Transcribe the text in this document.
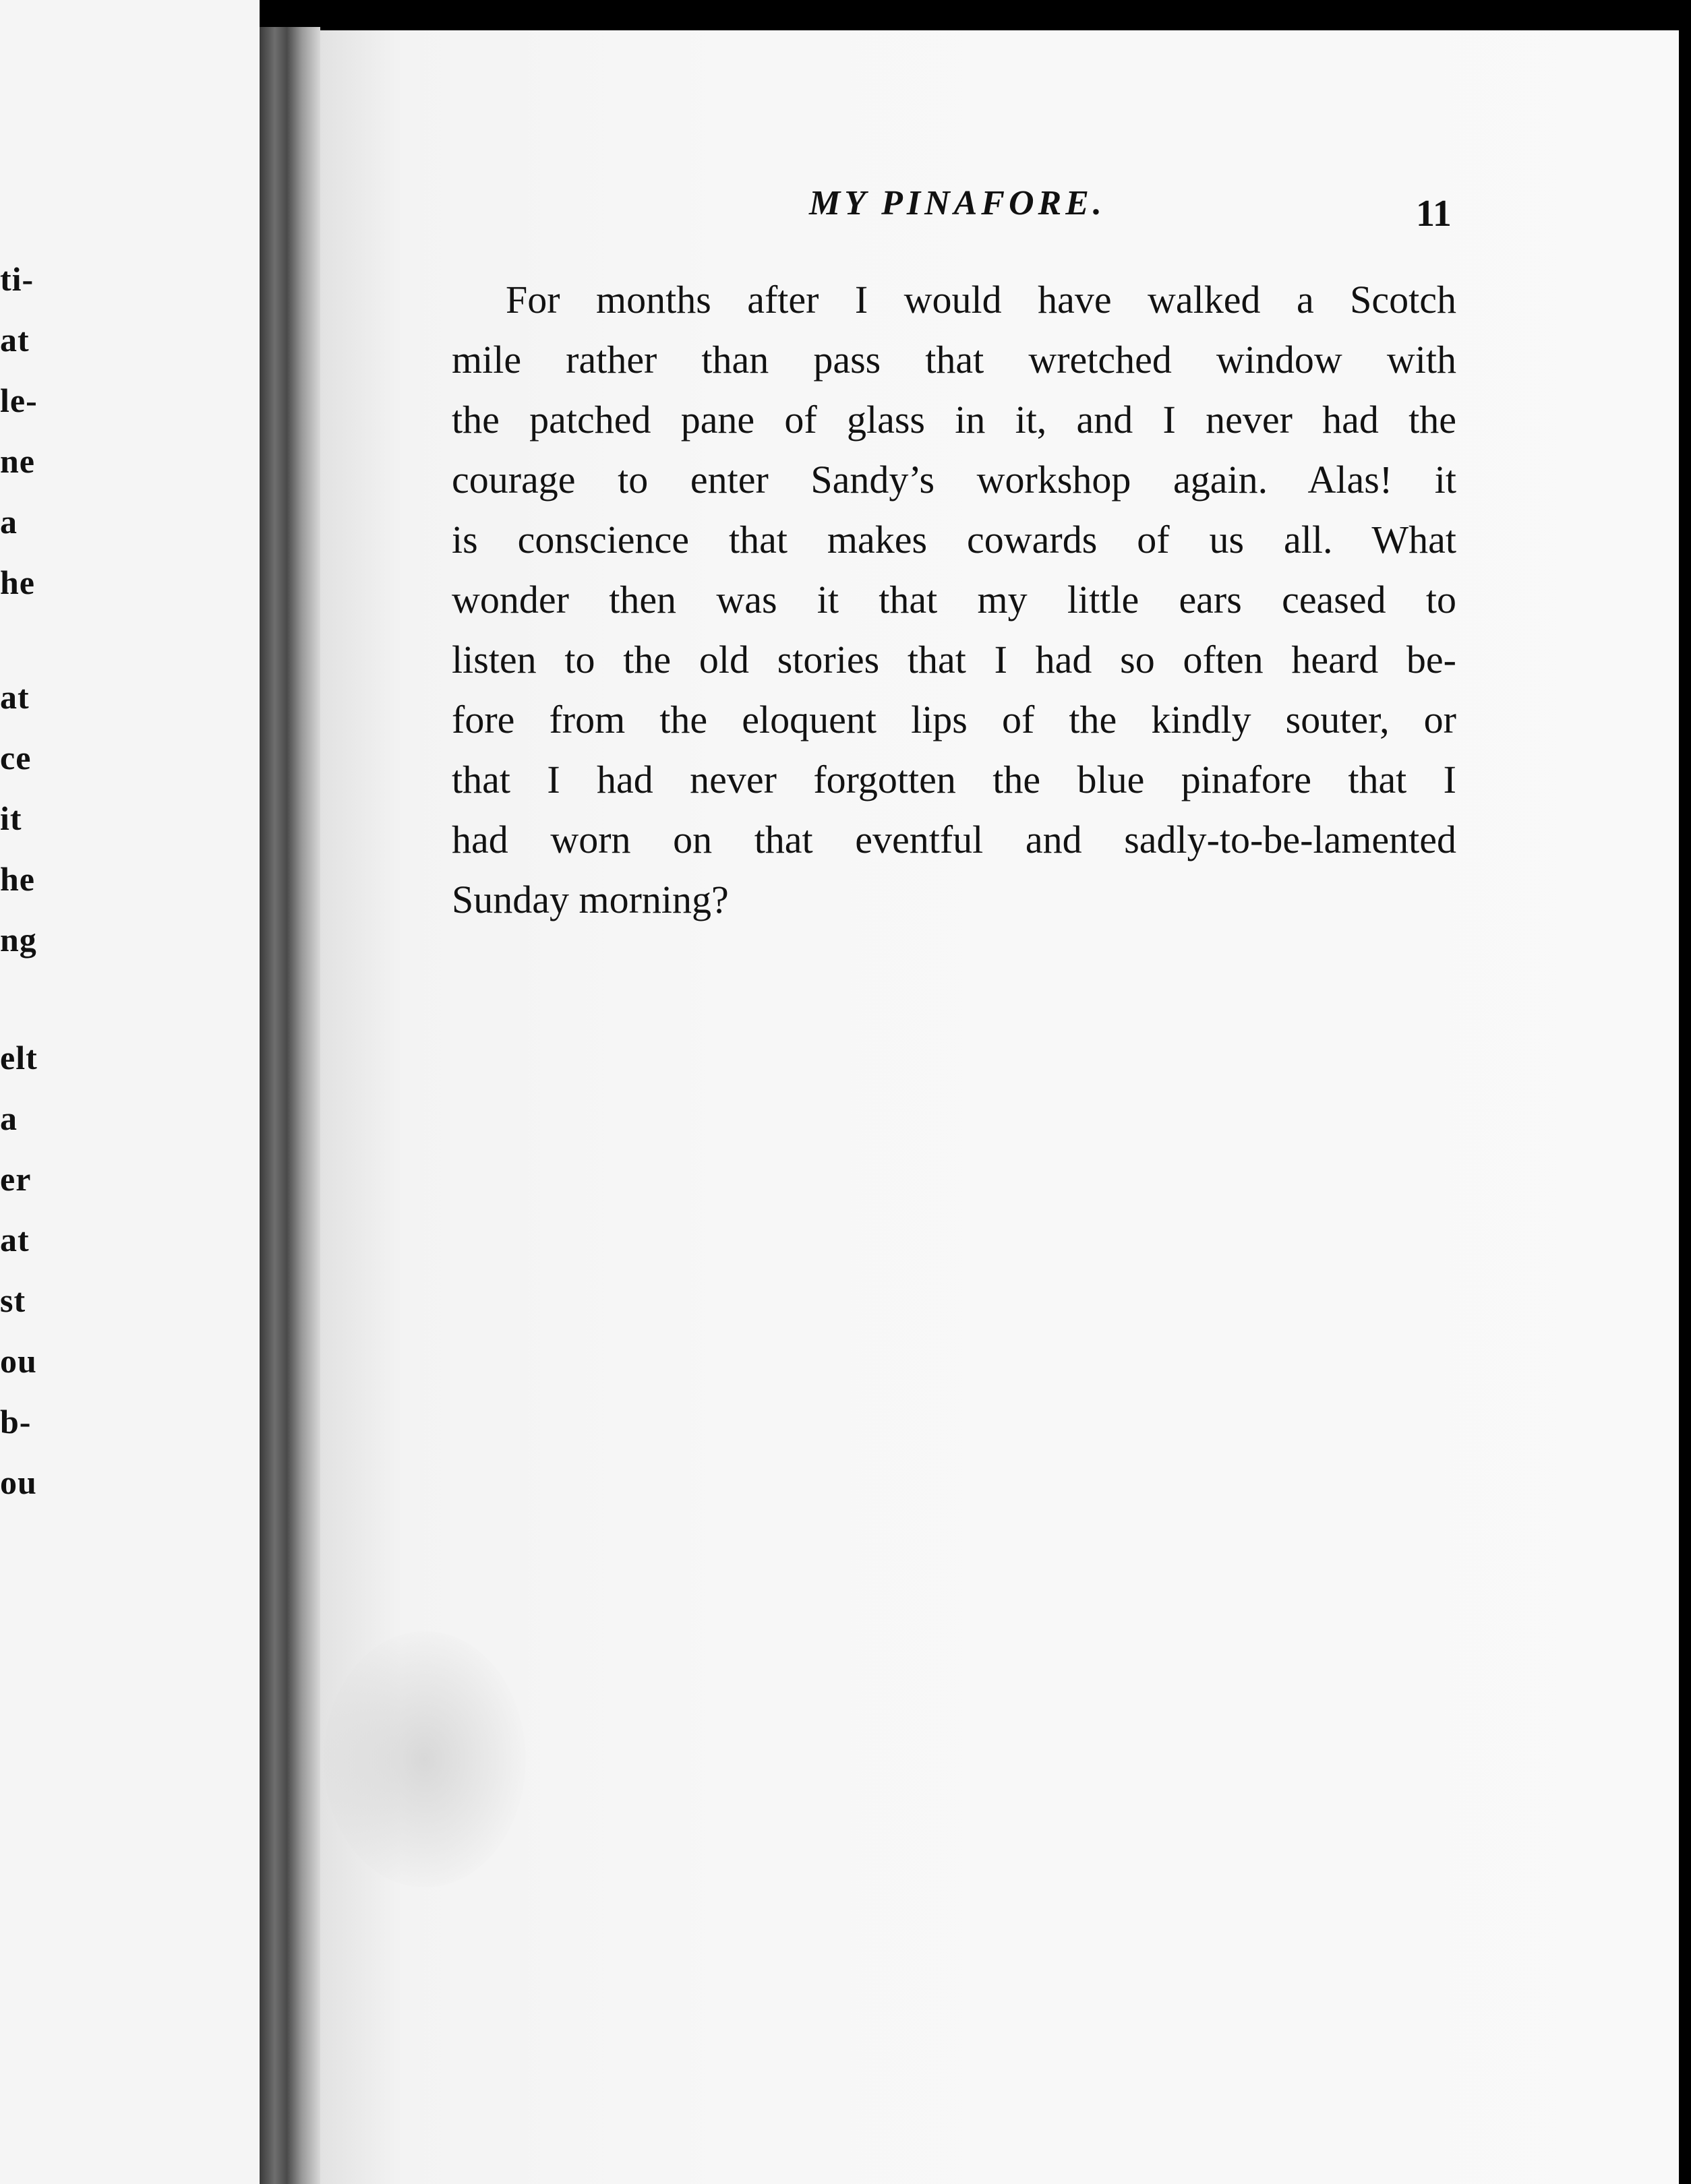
ti-
at
le-
ne
a
he
at
ce
it
he
ng
elt
a
er
at
st
ou
b-
ou
MY PINAFORE.	11
For months after I would have walked a Scotch
mile rather than pass that wretched window with
the patched pane of glass in it, and I never had the
courage to enter Sandy’s workshop again. Alas! it
is conscience that makes cowards of us all. What
wonder then was it that my little ears ceased to
listen to the old stories that I had so often heard be-
fore from the eloquent lips of the kindly souter, or
that I had never forgotten the blue pinafore that I
had worn on that eventful and sadly-to-be-lamented
Sunday morning?
